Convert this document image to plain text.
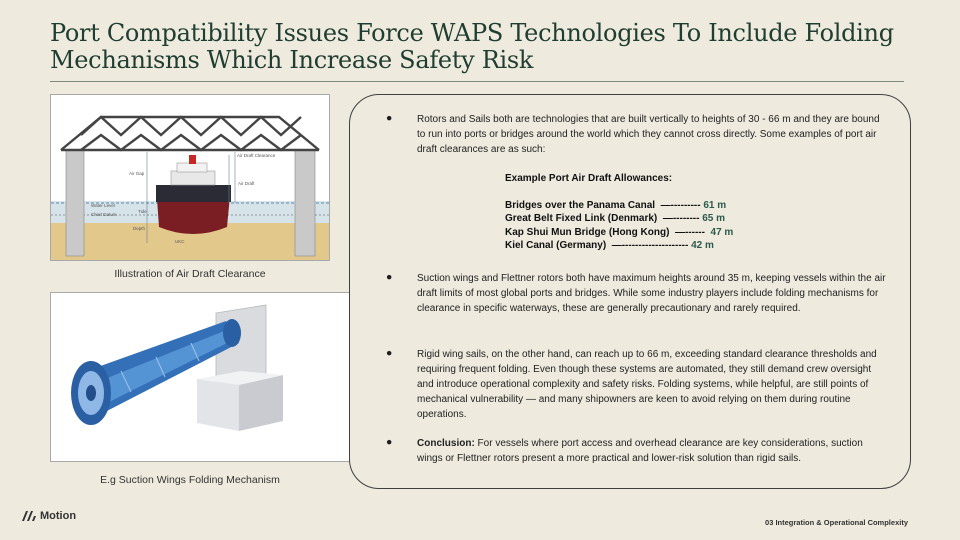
Port Compatibility Issues Force WAPS Technologies To Include Folding Mechanisms Which Increase Safety Risk
Air Draft Clearance
Air Gap
Air Draft
Water Level
Chart Datum
Tide
Depth
UKC
Illustration of Air Draft Clearance
E.g Suction Wings Folding Mechanism
● Rotors and Sails both are technologies that are built vertically to heights of 30 - 66 m and they are bound to run into ports or bridges around the world which they cannot cross directly. Some examples of port air draft clearances are as such:
Example Port Air Draft Allowances:
Bridges over the Panama Canal  —--------- 61 m
Great Belt Fixed Link (Denmark)  —-------- 65 m
Kap Shui Mun Bridge (Hong Kong)  —------  47 m
Kiel Canal (Germany)  —-------------------- 42 m
● Suction wings and Flettner rotors both have maximum heights around 35 m, keeping vessels within the air draft limits of most global ports and bridges. While some industry players include folding mechanisms for clearance in specific waterways, these are generally precautionary and rarely required.
● Rigid wing sails, on the other hand, can reach up to 66 m, exceeding standard clearance thresholds and requiring frequent folding. Even though these systems are automated, they still demand crew oversight and introduce operational complexity and safety risks. Folding systems, while helpful, are still points of mechanical vulnerability — and many shipowners are keen to avoid relying on them during routine operations.
● Conclusion: For vessels where port access and overhead clearance are key considerations, suction wings or Flettner rotors present a more practical and lower-risk solution than rigid sails.
Motion
03 Integration & Operational Complexity
